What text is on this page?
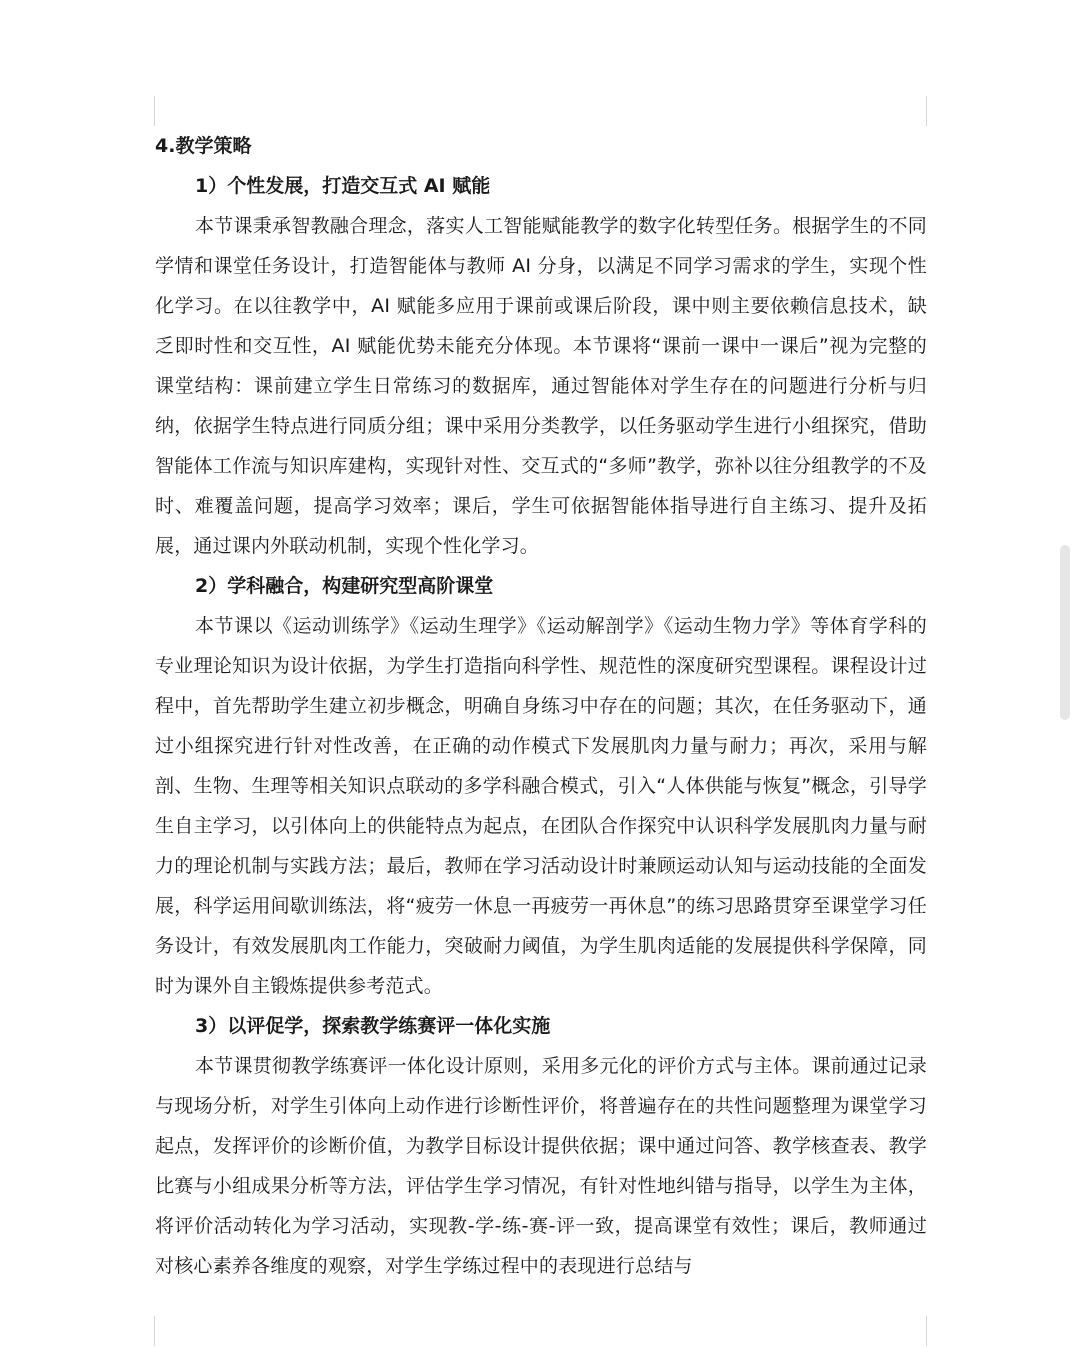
4.教学策略

1）个性发展，打造交互式 AI 赋能

本节课秉承智教融合理念，落实人工智能赋能教学的数字化转型任务。根据学生的不同学情和课堂任务设计，打造智能体与教师 AI 分身，以满足不同学习需求的学生，实现个性化学习。在以往教学中，AI 赋能多应用于课前或课后阶段，课中则主要依赖信息技术，缺乏即时性和交互性，AI 赋能优势未能充分体现。本节课将“课前一课中一课后”视为完整的课堂结构：课前建立学生日常练习的数据库，通过智能体对学生存在的问题进行分析与归纳，依据学生特点进行同质分组；课中采用分类教学，以任务驱动学生进行小组探究，借助智能体工作流与知识库建构，实现针对性、交互式的“多师”教学，弥补以往分组教学的不及时、难覆盖问题，提高学习效率；课后，学生可依据智能体指导进行自主练习、提升及拓展，通过课内外联动机制，实现个性化学习。

2）学科融合，构建研究型高阶课堂

本节课以《运动训练学》《运动生理学》《运动解剖学》《运动生物力学》等体育学科的专业理论知识为设计依据，为学生打造指向科学性、规范性的深度研究型课程。课程设计过程中，首先帮助学生建立初步概念，明确自身练习中存在的问题；其次，在任务驱动下，通过小组探究进行针对性改善，在正确的动作模式下发展肌肉力量与耐力；再次，采用与解剖、生物、生理等相关知识点联动的多学科融合模式，引入“人体供能与恢复”概念，引导学生自主学习，以引体向上的供能特点为起点，在团队合作探究中认识科学发展肌肉力量与耐力的理论机制与实践方法；最后，教师在学习活动设计时兼顾运动认知与运动技能的全面发展，科学运用间歇训练法，将“疲劳一休息一再疲劳一再休息”的练习思路贯穿至课堂学习任务设计，有效发展肌肉工作能力，突破耐力阈值，为学生肌肉适能的发展提供科学保障，同时为课外自主锻炼提供参考范式。

3）以评促学，探索教学练赛评一体化实施

本节课贯彻教学练赛评一体化设计原则，采用多元化的评价方式与主体。课前通过记录与现场分析，对学生引体向上动作进行诊断性评价，将普遍存在的共性问题整理为课堂学习起点，发挥评价的诊断价值，为教学目标设计提供依据；课中通过问答、教学核查表、教学比赛与小组成果分析等方法，评估学生学习情况，有针对性地纠错与指导，以学生为主体，将评价活动转化为学习活动，实现教-学-练-赛-评一致，提高课堂有效性；课后，教师通过对核心素养各维度的观察，对学生学练过程中的表现进行总结与
